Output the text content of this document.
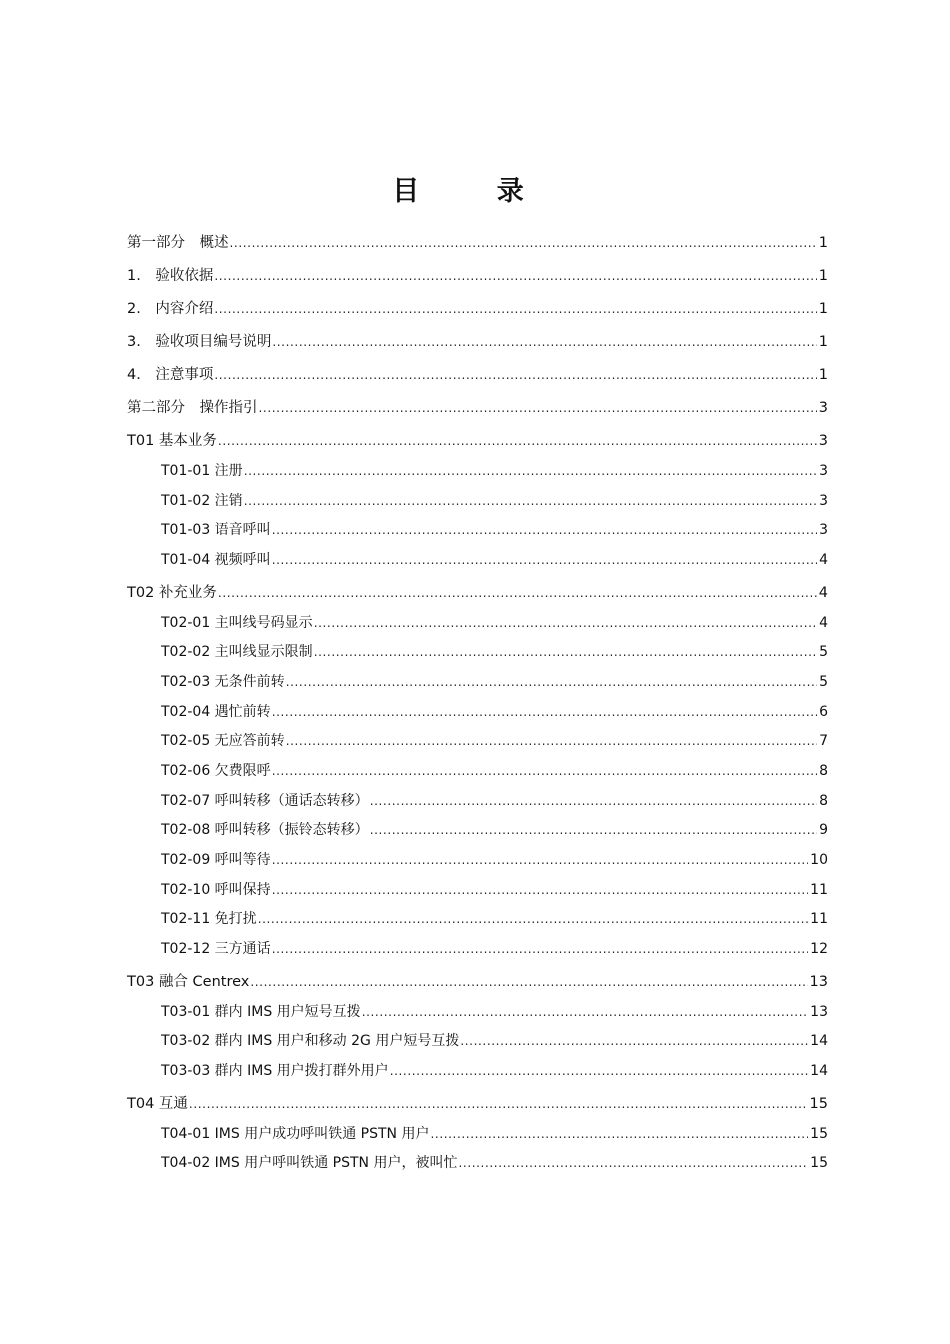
目 录
第一部分　概述 .....	1
1.　验收依据 .....	1
2.　内容介绍 .....	1
3.　验收项目编号说明 .....	1
4.　注意事项 .....	1
第二部分　操作指引 .....	3
T01 基本业务 .....	3
T01-01 注册 .....	3
T01-02 注销 .....	3
T01-03 语音呼叫 .....	3
T01-04 视频呼叫 .....	4
T02 补充业务 .....	4
T02-01 主叫线号码显示 .....	4
T02-02 主叫线显示限制 .....	5
T02-03 无条件前转 .....	5
T02-04 遇忙前转 .....	6
T02-05 无应答前转 .....	7
T02-06 欠费限呼 .....	8
T02-07 呼叫转移（通话态转移） .....	8
T02-08 呼叫转移（振铃态转移） .....	9
T02-09 呼叫等待 .....	10
T02-10 呼叫保持 .....	11
T02-11 免打扰 .....	11
T02-12 三方通话 .....	12
T03 融合 Centrex .....	13
T03-01 群内 IMS 用户短号互拨 .....	13
T03-02 群内 IMS 用户和移动 2G 用户短号互拨 .....	14
T03-03 群内 IMS 用户拨打群外用户 .....	14
T04 互通 .....	15
T04-01 IMS 用户成功呼叫铁通 PSTN 用户 .....	15
T04-02 IMS 用户呼叫铁通 PSTN 用户，被叫忙 .....	15
